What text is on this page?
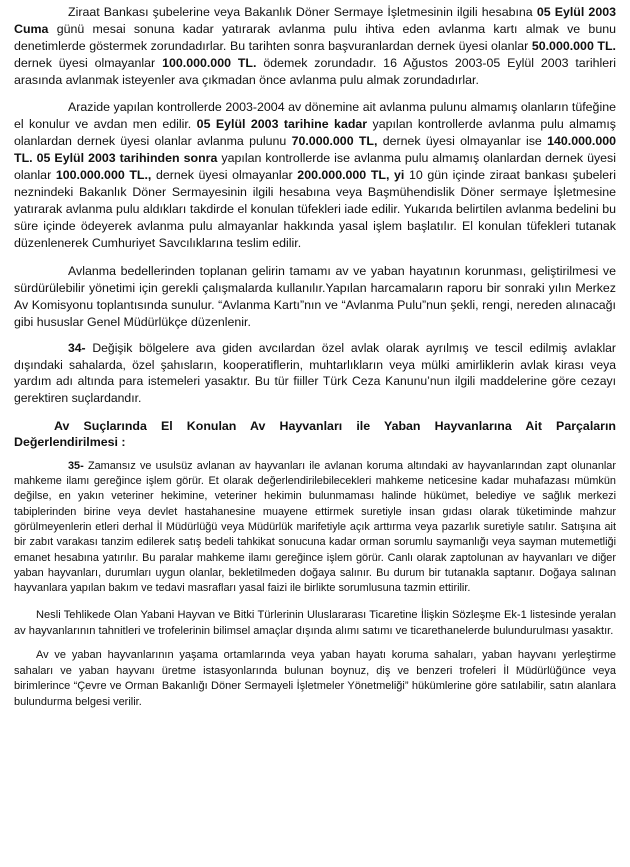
Ziraat Bankası şubelerine veya Bakanlık Döner Sermaye İşletmesinin ilgili hesabına 05 Eylül 2003 Cuma günü mesai sonuna kadar yatırarak avlanma pulu ihtiva eden avlanma kartı almak ve bunu denetimlerde göstermek zorundadırlar. Bu tarihten sonra başvuranlardan dernek üyesi olanlar 50.000.000 TL. dernek üyesi olmayanlar 100.000.000 TL. ödemek zorundadır. 16 Ağustos 2003-05 Eylül 2003 tarihleri arasında avlanmak isteyenler ava çıkmadan önce avlanma pulu almak zorundadırlar.

Arazide yapılan kontrollerde 2003-2004 av dönemine ait avlanma pulunu almamış olanların tüfeğine el konulur ve avdan men edilir. 05 Eylül 2003 tarihine kadar yapılan kontrollerde avlanma pulu almamış olanlardan dernek üyesi olanlar avlanma pulunu 70.000.000 TL, dernek üyesi olmayanlar ise 140.000.000 TL. 05 Eylül 2003 tarihinden sonra yapılan kontrollerde ise avlanma pulu almamış olanlardan dernek üyesi olanlar 100.000.000 TL., dernek üyesi olmayanlar 200.000.000 TL, yi 10 gün içinde ziraat bankası şubeleri neznindeki Bakanlık Döner Sermayesinin ilgili hesabına veya Başmühendislik Döner sermaye İşletmesine yatırarak avlanma pulu aldıkları takdirde el konulan tüfekleri iade edilir. Yukarıda belirtilen avlanma bedelini bu süre içinde ödeyerek avlanma pulu almayanlar hakkında yasal işlem başlatılır. El konulan tüfekleri tutanak düzenlenerek Cumhuriyet Savcılıklarına teslim edilir.

Avlanma bedellerinden toplanan gelirin tamamı av ve yaban hayatının korunması, geliştirilmesi ve sürdürülebilir yönetimi için gerekli çalışmalarda kullanılır.Yapılan harcamaların raporu bir sonraki yılın Merkez Av Komisyonu toplantısında sunulur. “Avlanma Kartı”nın ve “Avlanma Pulu”nun şekli, rengi, nereden alınacağı gibi hususlar Genel Müdürlükçe düzenlenir.

34- Değişik bölgelere ava giden avcılardan özel avlak olarak ayrılmış ve tescil edilmiş avlaklar dışındaki sahalarda, özel şahısların, kooperatiflerin, muhtarlıkların veya mülki amirliklerin avlak kirası veya yardım adı altında para istemeleri yasaktır. Bu tür fiiller Türk Ceza Kanunu’nun ilgili maddelerine göre cezayı gerektiren suçlardandır.

Av Suçlarında El Konulan Av Hayvanları ile Yaban Hayvanlarına Ait Parçaların Değerlendirilmesi :

35- Zamansız ve usulsüz avlanan av hayvanları ile avlanan koruma altındaki av hayvanlarından zapt olunanlar mahkeme ilamı gereğince işlem görür. Et olarak değerlendirilebilecekleri mahkeme neticesine kadar muhafazası mümkün değilse, en yakın veteriner hekimine, veteriner hekimin bulunmaması halinde hükümet, belediye ve sağlık merkezi tabiplerinden birine veya devlet hastahanesine muayene ettirmek suretiyle insan gıdası olarak tüketiminde mahzur görülmeyenlerin etleri derhal İl Müdürlüğü veya Müdürlük marifetiyle açık arttırma veya pazarlık suretiyle satılır. Satışına ait bir zabıt varakası tanzim edilerek satış bedeli tahkikat sonucuna kadar orman sorumlu saymanlığı veya sayman mutemetliği emanet hesabına yatırılır. Bu paralar mahkeme ilamı gereğince işlem görür. Canlı olarak zaptolunan av hayvanları ve diğer yaban hayvanları, durumları uygun olanlar, bekletilmeden doğaya salınır. Bu durum bir tutanakla saptanır. Doğaya salınan hayvanlara yapılan bakım ve tedavi masrafları yasal faizi ile birlikte sorumlusuna tazmin ettirilir.

Nesli Tehlikede Olan Yabani Hayvan ve Bitki Türlerinin Uluslararası Ticaretine İlişkin Sözleşme Ek-1 listesinde yeralan av hayvanlarının tahnitleri ve trofelerinin bilimsel amaçlar dışında alımı satımı ve ticarethanelerde bulundurulması yasaktır.

Av ve yaban hayvanlarının yaşama ortamlarında veya yaban hayatı koruma sahaları, yaban hayvanı yerleştirme sahaları ve yaban hayvanı üretme istasyonlarında bulunan boynuz, diş ve benzeri trofeleri İl Müdürlüğünce veya birimlerince “Çevre ve Orman Bakanlığı Döner Sermayeli İşletmeler Yönetmeliği” hükümlerine göre satılabilir, satın alanlara bulundurma belgesi verilir.
